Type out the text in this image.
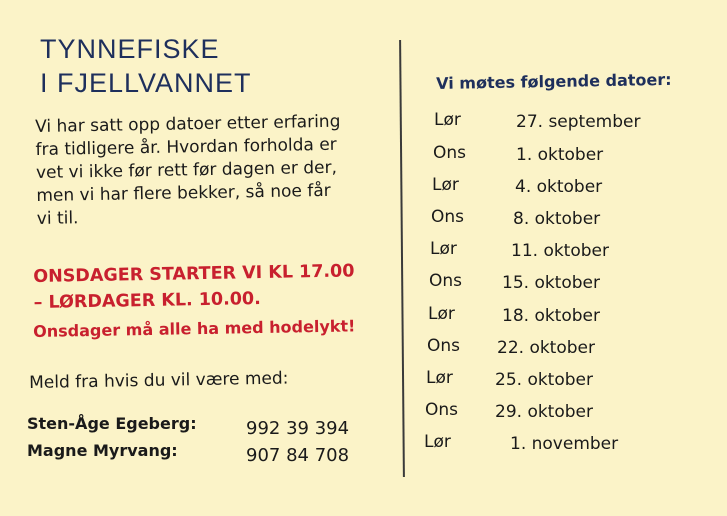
TYNNEFISKE
I FJELLVANNET
Vi har satt opp datoer etter erfaring
fra tidligere år. Hvordan forholda er
vet vi ikke før rett før dagen er der,
men vi har flere bekker, så noe får
vi til.
ONSDAGER STARTER VI KL 17.00
– LØRDAGER KL. 10.00.
Onsdager må alle ha med hodelykt!
Meld fra hvis du vil være med:
Sten-Åge Egeberg:	992 39 394
Magne Myrvang:	907 84 708
Vi møtes følgende datoer:
Lør	27. september
Ons	1. oktober
Lør	4. oktober
Ons	8. oktober
Lør	11. oktober
Ons 15. oktober
Lør	18. oktober
Ons 22. oktober
Lør 25. oktober
Ons 29. oktober
Lør	1. november
